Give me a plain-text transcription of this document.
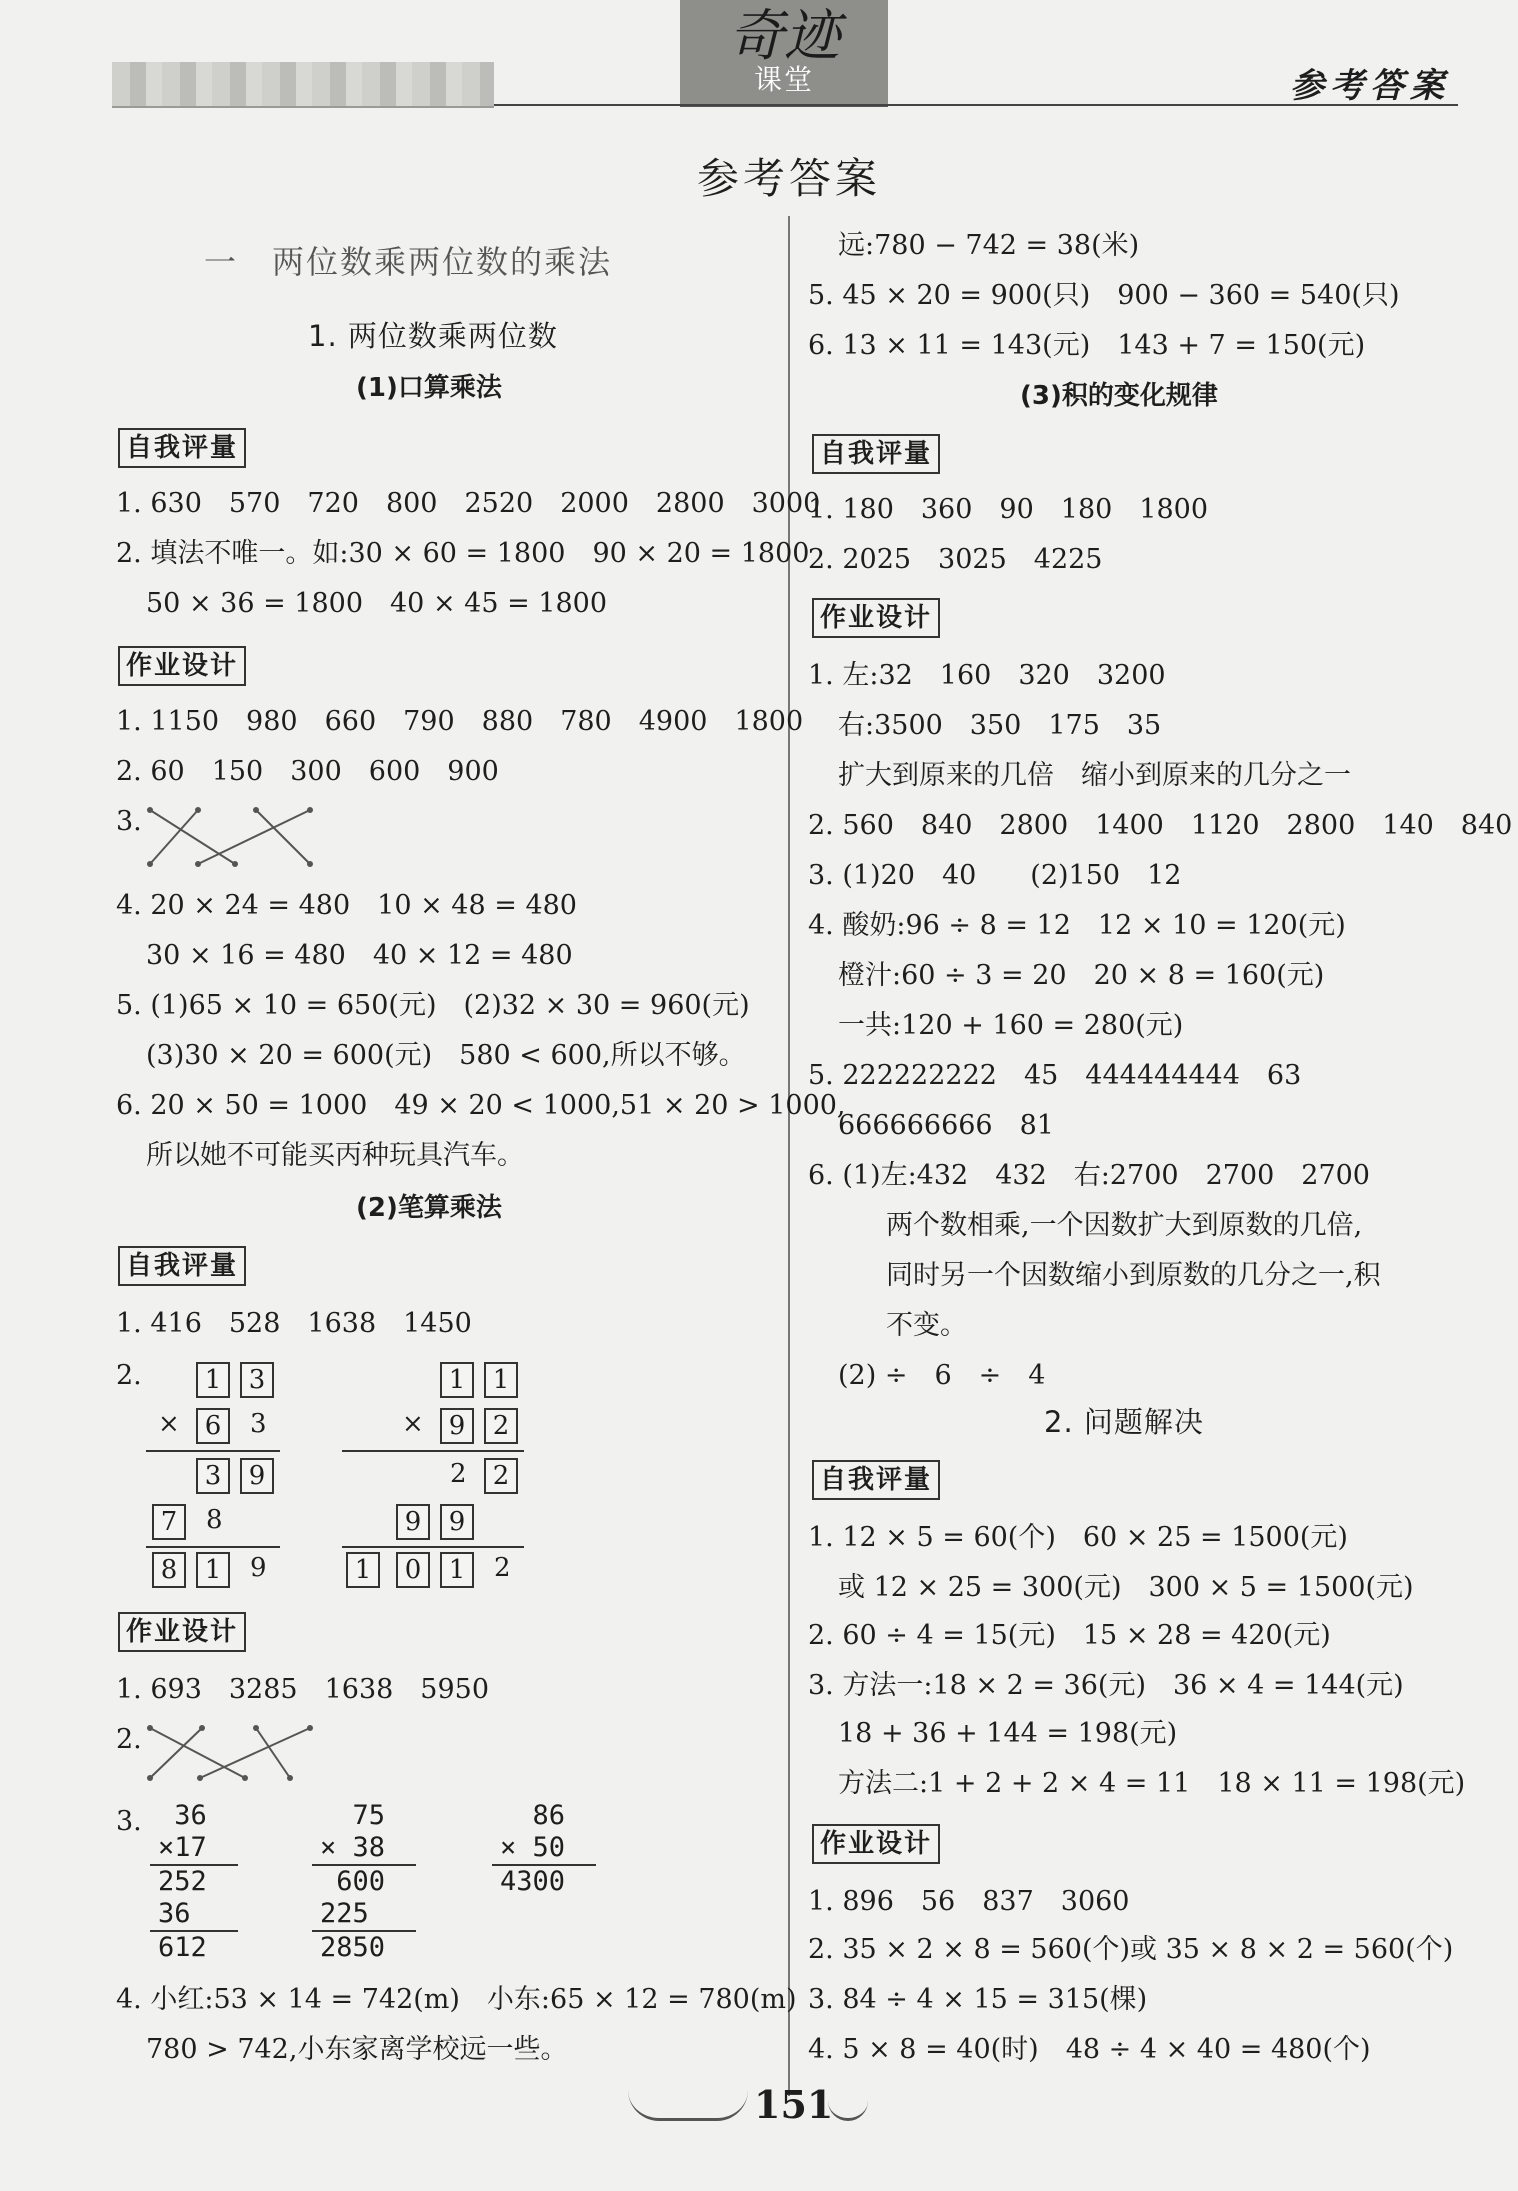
奇迹
课堂	参考答案
参考答案
一　两位数乘两位数的乘法
1. 两位数乘两位数
(1)口算乘法
自我评量
1. 630　570　720　800　2520　2000　2800　3000
2. 填法不唯一。如:30 × 60 = 1800　90 × 20 = 1800
50 × 36 = 1800　40 × 45 = 1800
作业设计
1. 1150　980　660　790　880　780　4900　1800
2. 60　150　300　600　900
3.
4. 20 × 24 = 480　10 × 48 = 480
30 × 16 = 480　40 × 12 = 480
5. (1)65 × 10 = 650(元)　(2)32 × 30 = 960(元)
(3)30 × 20 = 600(元)　580 < 600,所以不够。
6. 20 × 50 = 1000　49 × 20 < 1000,51 × 20 > 1000,
所以她不可能买丙种玩具汽车。
(2)笔算乘法
自我评量
1. 416　528　1638　1450
2.	1	3
× 6	3
3	9
7	8
8	1	9
1	1
× 9	2
2	2
9	9
1	0	1	2
作业设计
1. 693　3285　1638　5950
2.
3. 36
×17
252
36
612
75
× 38
600
225
2850
86
× 50
4300
4. 小红:53 × 14 = 742(m)　小东:65 × 12 = 780(m)
780 > 742,小东家离学校远一些。
远:780 − 742 = 38(米)
5. 45 × 20 = 900(只)　900 − 360 = 540(只)
6. 13 × 11 = 143(元)　143 + 7 = 150(元)
(3)积的变化规律
自我评量
1. 180　360　90　180　1800
2. 2025　3025　4225
作业设计
1. 左:32　160　320　3200
右:3500　350　175　35
扩大到原来的几倍　缩小到原来的几分之一
2. 560　840　2800　1400　1120　2800　140　840
3. (1)20　40　　(2)150　12
4. 酸奶:96 ÷ 8 = 12　12 × 10 = 120(元)
橙汁:60 ÷ 3 = 20　20 × 8 = 160(元)
一共:120 + 160 = 280(元)
5. 222222222　45　444444444　63
666666666　81
6. (1)左:432　432　右:2700　2700　2700
两个数相乘,一个因数扩大到原数的几倍,
同时另一个因数缩小到原数的几分之一,积
不变。
(2) ÷　6　÷　4
2. 问题解决
自我评量
1. 12 × 5 = 60(个)　60 × 25 = 1500(元)
或 12 × 25 = 300(元)　300 × 5 = 1500(元)
2. 60 ÷ 4 = 15(元)　15 × 28 = 420(元)
3. 方法一:18 × 2 = 36(元)　36 × 4 = 144(元)
18 + 36 + 144 = 198(元)
方法二:1 + 2 + 2 × 4 = 11　18 × 11 = 198(元)
作业设计
1. 896　56　837　3060
2. 35 × 2 × 8 = 560(个)或 35 × 8 × 2 = 560(个)
3. 84 ÷ 4 × 15 = 315(棵)
4. 5 × 8 = 40(时)　48 ÷ 4 × 40 = 480(个)
151
